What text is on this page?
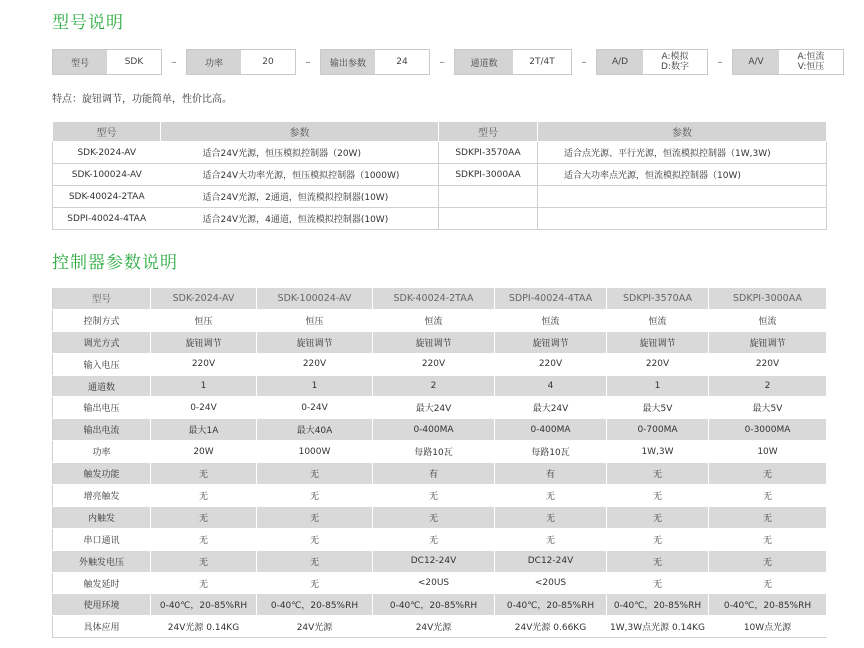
型号说明
型号	SDK	–	功率	20	–	输出参数	24	–	通道数	2T/4T	–	A/D	A:模拟
D:数字	–	A/V	A:恒流
V:恒压

特点：旋钮调节，功能简单，性价比高。

型号	参数	型号	参数
SDK-2024-AV	适合24V光源，恒压模拟控制器（20W)	SDKPI-3570AA	适合点光源、平行光源，恒流模拟控制器（1W,3W)
SDK-100024-AV	适合24V大功率光源，恒压模拟控制器（1000W)	SDKPI-3000AA	适合大功率点光源，恒流模拟控制器（10W)
SDK-40024-2TAA	适合24V光源，2通道，恒流模拟控制器(10W)		
SDPI-40024-4TAA	适合24V光源，4通道，恒流模拟控制器(10W)		
控制器参数说明
型号	SDK-2024-AV	SDK-100024-AV	SDK-40024-2TAA	SDPI-40024-4TAA	SDKPI-3570AA	SDKPI-3000AA
控制方式	恒压	恒压	恒流	恒流	恒流	恒流
调光方式	旋钮调节	旋钮调节	旋钮调节	旋钮调节	旋钮调节	旋钮调节
输入电压	220V	220V	220V	220V	220V	220V
通道数	1	1	2	4	1	2
输出电压	0-24V	0-24V	最大24V	最大24V	最大5V	最大5V
输出电流	最大1A	最大40A	0-400MA	0-400MA	0-700MA	0-3000MA
功率	20W	1000W	每路10瓦	每路10瓦	1W,3W	10W
触发功能	无	无	有	有	无	无
增亮触发	无	无	无	无	无	无
内触发	无	无	无	无	无	无
串口通讯	无	无	无	无	无	无
外触发电压	无	无	DC12-24V	DC12-24V	无	无
触发延时	无	无	<20US	<20US	无	无
使用环境	0-40℃，20-85%RH	0-40℃，20-85%RH	0-40℃，20-85%RH	0-40℃，20-85%RH	0-40℃，20-85%RH	0-40℃，20-85%RH
具体应用	24V光源 0.14KG	24V光源	24V光源	24V光源 0.66KG	1W,3W点光源 0.14KG	10W点光源
